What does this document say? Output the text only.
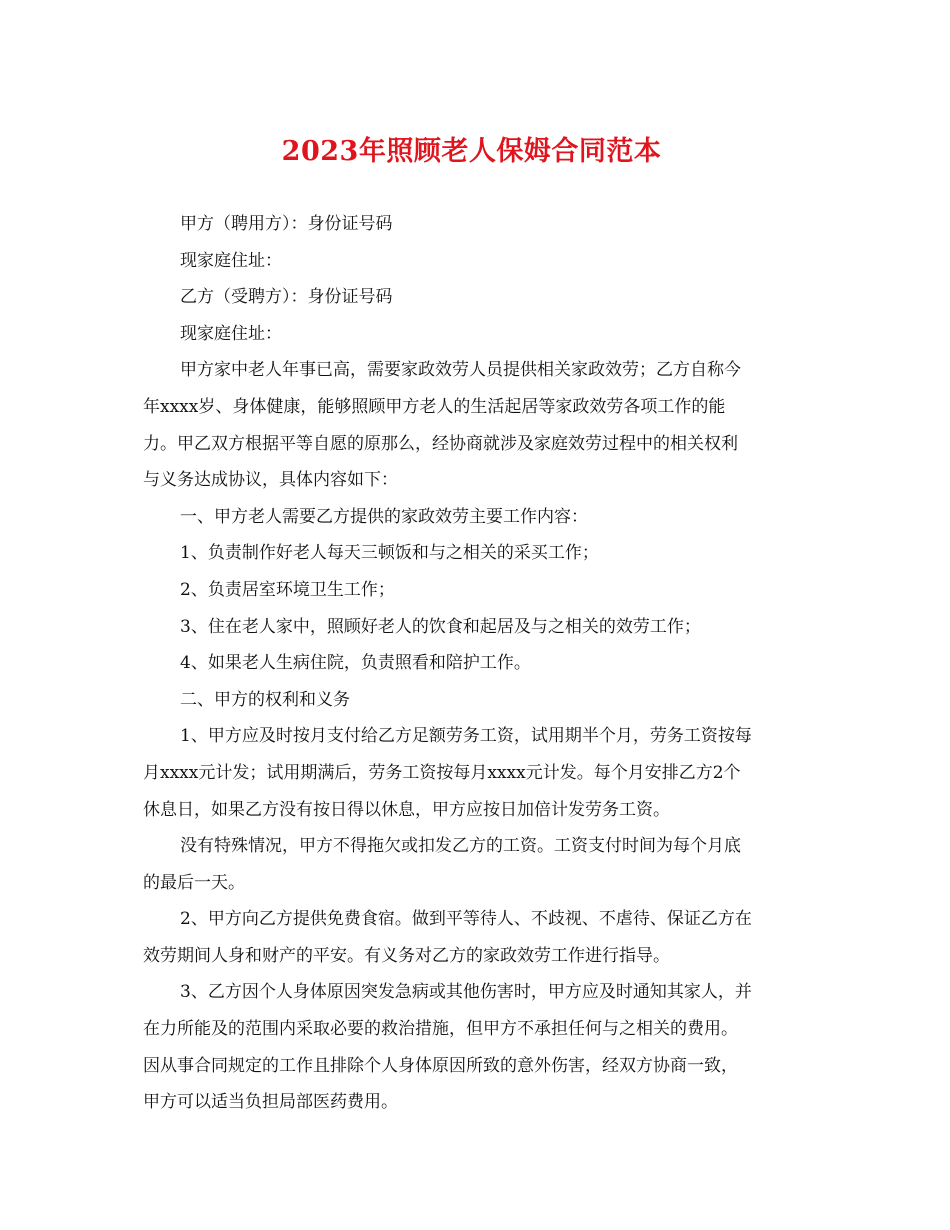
2023年照顾老人保姆合同范本

甲方（聘用方）：身份证号码

现家庭住址：

乙方（受聘方）：身份证号码

现家庭住址：

甲方家中老人年事已高，需要家政效劳人员提供相关家政效劳；乙方自称今

年xxxx岁、身体健康，能够照顾甲方老人的生活起居等家政效劳各项工作的能

力。甲乙双方根据平等自愿的原那么，经协商就涉及家庭效劳过程中的相关权利

与义务达成协议，具体内容如下：

一、甲方老人需要乙方提供的家政效劳主要工作内容：

1、负责制作好老人每天三顿饭和与之相关的采买工作；

2、负责居室环境卫生工作；

3、住在老人家中，照顾好老人的饮食和起居及与之相关的效劳工作；

4、如果老人生病住院，负责照看和陪护工作。

二、甲方的权利和义务

1、甲方应及时按月支付给乙方足额劳务工资，试用期半个月，劳务工资按每

月xxxx元计发；试用期满后，劳务工资按每月xxxx元计发。每个月安排乙方2个

休息日，如果乙方没有按日得以休息，甲方应按日加倍计发劳务工资。

没有特殊情况，甲方不得拖欠或扣发乙方的工资。工资支付时间为每个月底

的最后一天。

2、甲方向乙方提供免费食宿。做到平等待人、不歧视、不虐待、保证乙方在

效劳期间人身和财产的平安。有义务对乙方的家政效劳工作进行指导。

3、乙方因个人身体原因突发急病或其他伤害时，甲方应及时通知其家人，并

在力所能及的范围内采取必要的救治措施，但甲方不承担任何与之相关的费用。

因从事合同规定的工作且排除个人身体原因所致的意外伤害，经双方协商一致，

甲方可以适当负担局部医药费用。
